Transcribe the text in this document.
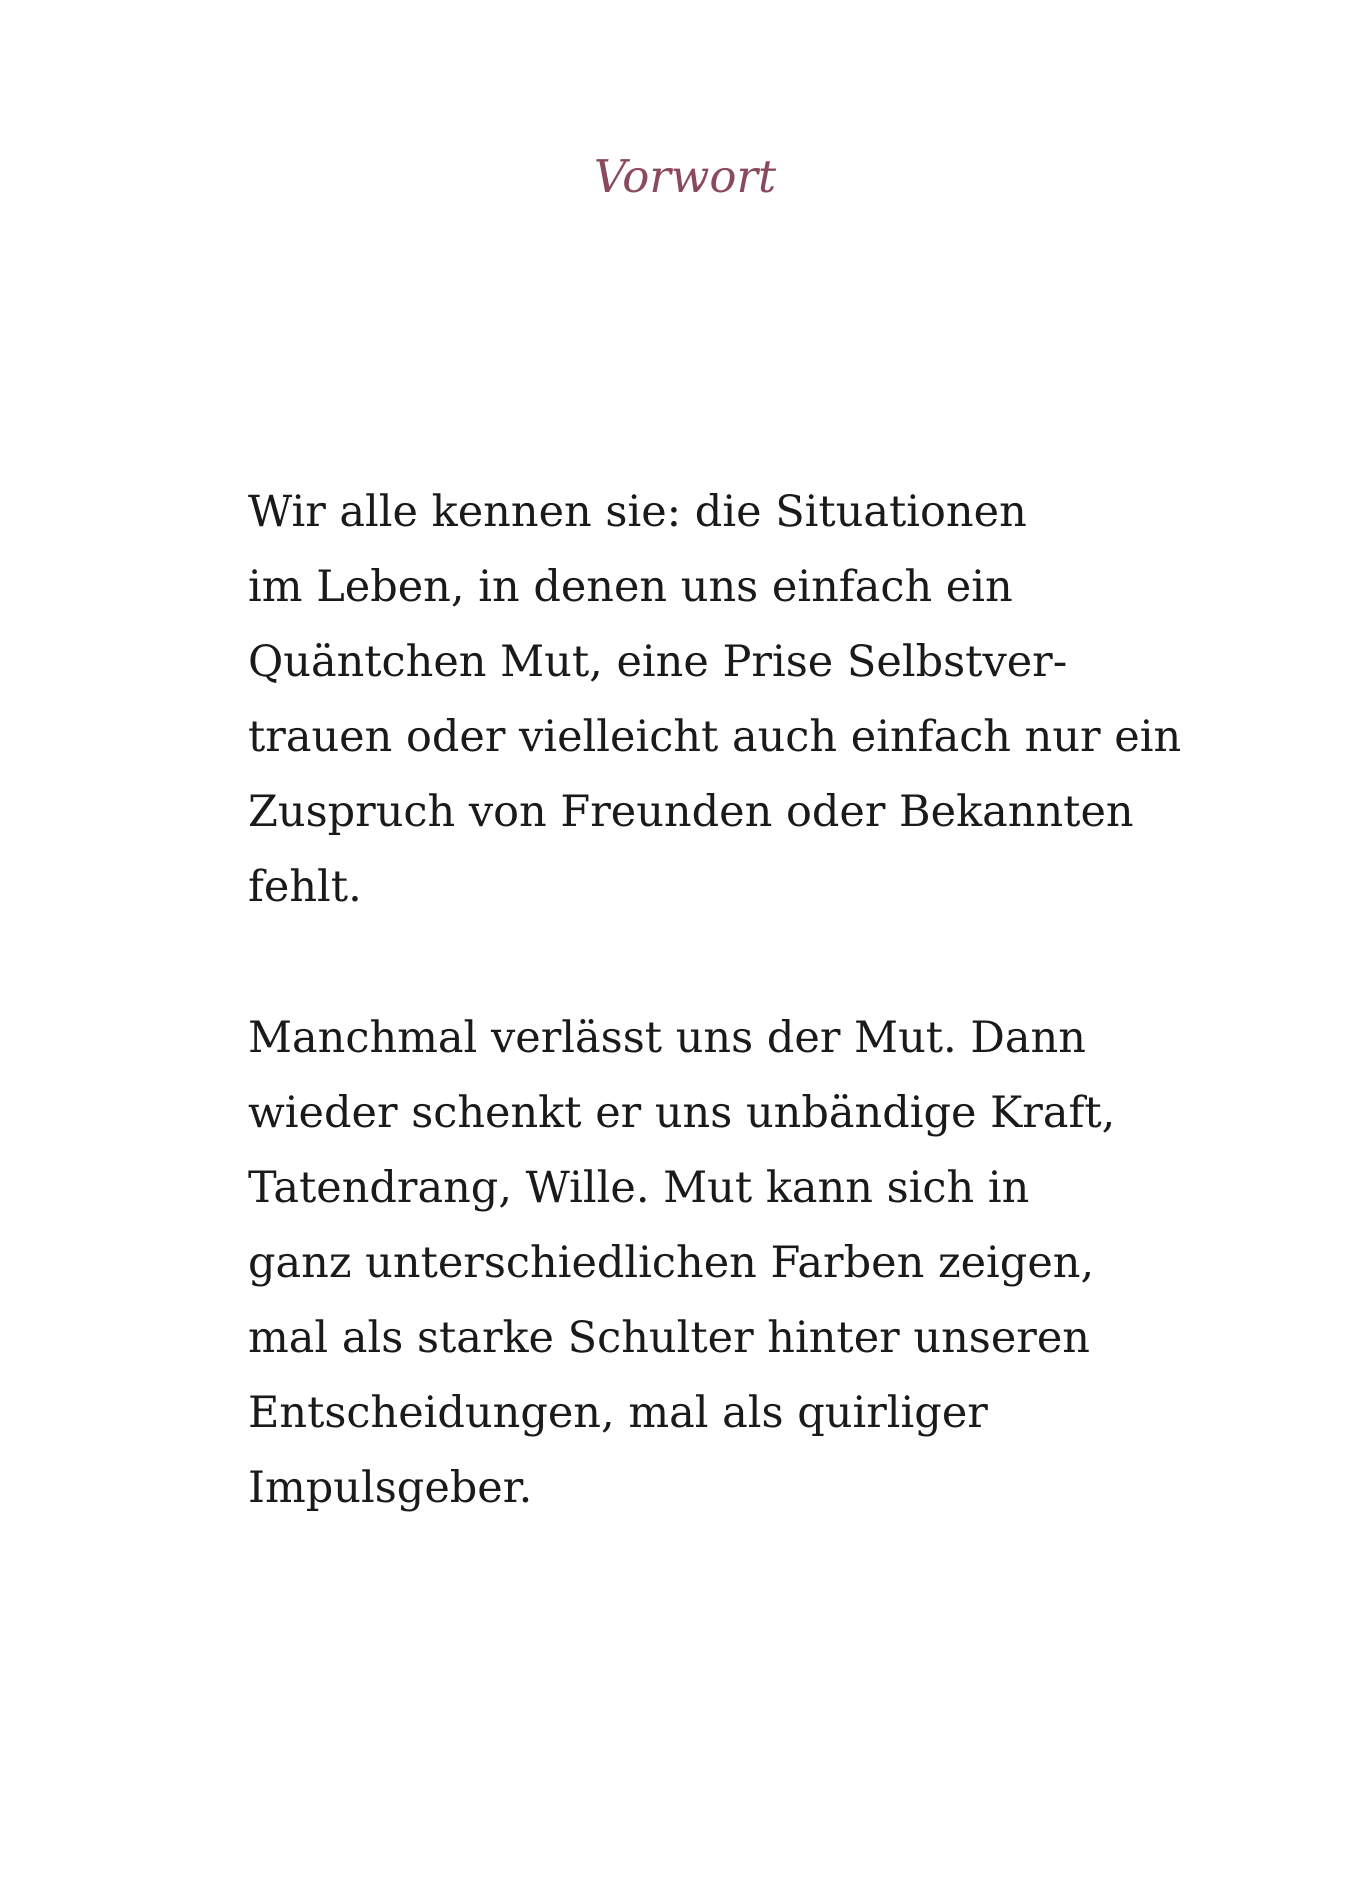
Vorwort
Wir alle kennen sie: die Situationen
im Leben, in denen uns einfach ein
Quäntchen Mut, eine Prise Selbstver-
trauen oder vielleicht auch einfach nur ein
Zuspruch von Freunden oder Bekannten
fehlt.
Manchmal verlässt uns der Mut. Dann
wieder schenkt er uns unbändige Kraft,
Tatendrang, Wille. Mut kann sich in
ganz unterschiedlichen Farben zeigen,
mal als starke Schulter hinter unseren
Entscheidungen, mal als quirliger
Impulsgeber.
